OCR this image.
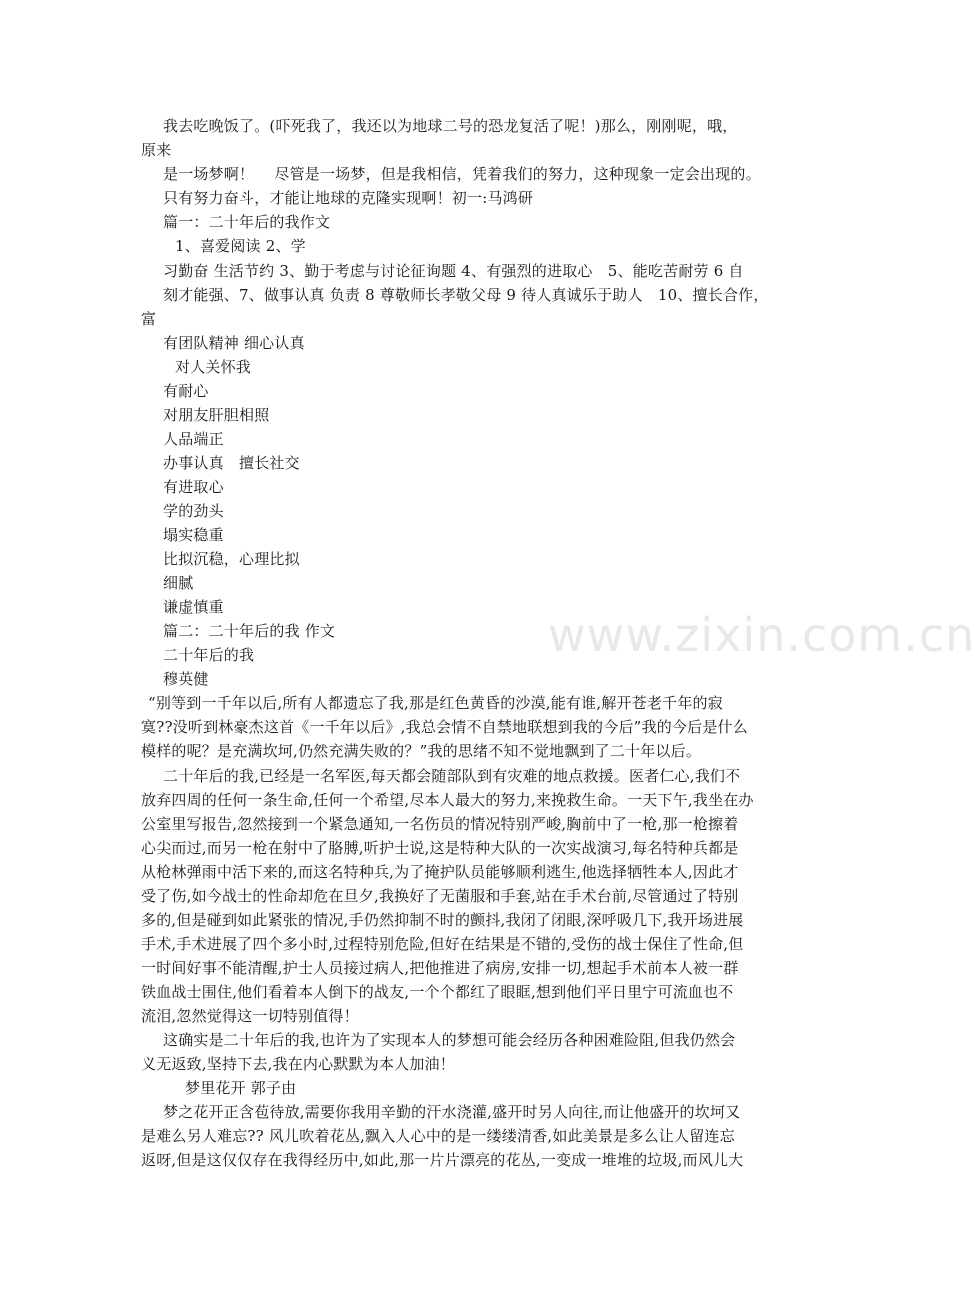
www.zixin.com.cn
我去吃晚饭了。(吓死我了，我还以为地球二号的恐龙复活了呢！)那么，刚刚呢，哦，
原来
是一场梦啊！　 尽管是一场梦，但是我相信，凭着我们的努力，这种现象一定会出现的。
只有努力奋斗，才能让地球的克隆实现啊！初一:马鸿研
篇一：二十年后的我作文
1、喜爱阅读 2、学
习勤奋 生活节约 3、勤于考虑与讨论征询题 4、有强烈的进取心　5、能吃苦耐劳 6 自
刻才能强、7、做事认真 负责 8 尊敬师长孝敬父母 9 待人真诚乐于助人　10、擅长合作，
富
有团队精神 细心认真
对人关怀我
有耐心
对朋友肝胆相照
人品端正
办事认真　擅长社交
有进取心
学的劲头
塌实稳重
比拟沉稳，心理比拟
细腻
谦虚慎重
篇二：二十年后的我 作文
二十年后的我
穆英健
“别等到一千年以后,所有人都遗忘了我,那是红色黄昏的沙漠,能有谁,解开苍老千年的寂
寞??没听到林豪杰这首《一千年以后》,我总会情不自禁地联想到我的今后”我的今后是什么
模样的呢？是充满坎坷,仍然充满失败的？”我的思绪不知不觉地飘到了二十年以后。
二十年后的我,已经是一名军医,每天都会随部队到有灾难的地点救援。医者仁心,我们不
放弃四周的任何一条生命,任何一个希望,尽本人最大的努力,来挽救生命。一天下午,我坐在办
公室里写报告,忽然接到一个紧急通知,一名伤员的情况特别严峻,胸前中了一枪,那一枪擦着
心尖而过,而另一枪在射中了胳膊,听护士说,这是特种大队的一次实战演习,每名特种兵都是
从枪林弹雨中活下来的,而这名特种兵,为了掩护队员能够顺利逃生,他选择牺牲本人,因此才
受了伤,如今战士的性命却危在旦夕,我换好了无菌服和手套,站在手术台前,尽管通过了特别
多的,但是碰到如此紧张的情况,手仍然抑制不时的颤抖,我闭了闭眼,深呼吸几下,我开场进展
手术,手术进展了四个多小时,过程特别危险,但好在结果是不错的,受伤的战士保住了性命,但
一时间好事不能清醒,护士人员接过病人,把他推进了病房,安排一切,想起手术前本人被一群
铁血战士围住,他们看着本人倒下的战友,一个个都红了眼眶,想到他们平日里宁可流血也不
流泪,忽然觉得这一切特别值得！
这确实是二十年后的我,也许为了实现本人的梦想可能会经历各种困难险阻,但我仍然会
义无返致,坚持下去,我在内心默默为本人加油！
梦里花开 郭子由
梦之花开正含苞待放,需要你我用辛勤的汗水浇灌,盛开时另人向往,而让他盛开的坎坷又
是难么另人难忘?? 风儿吹着花丛,飘入人心中的是一缕缕清香,如此美景是多么让人留连忘
返呀,但是这仅仅存在我得经历中,如此,那一片片漂亮的花丛,一变成一堆堆的垃圾,而风儿大
